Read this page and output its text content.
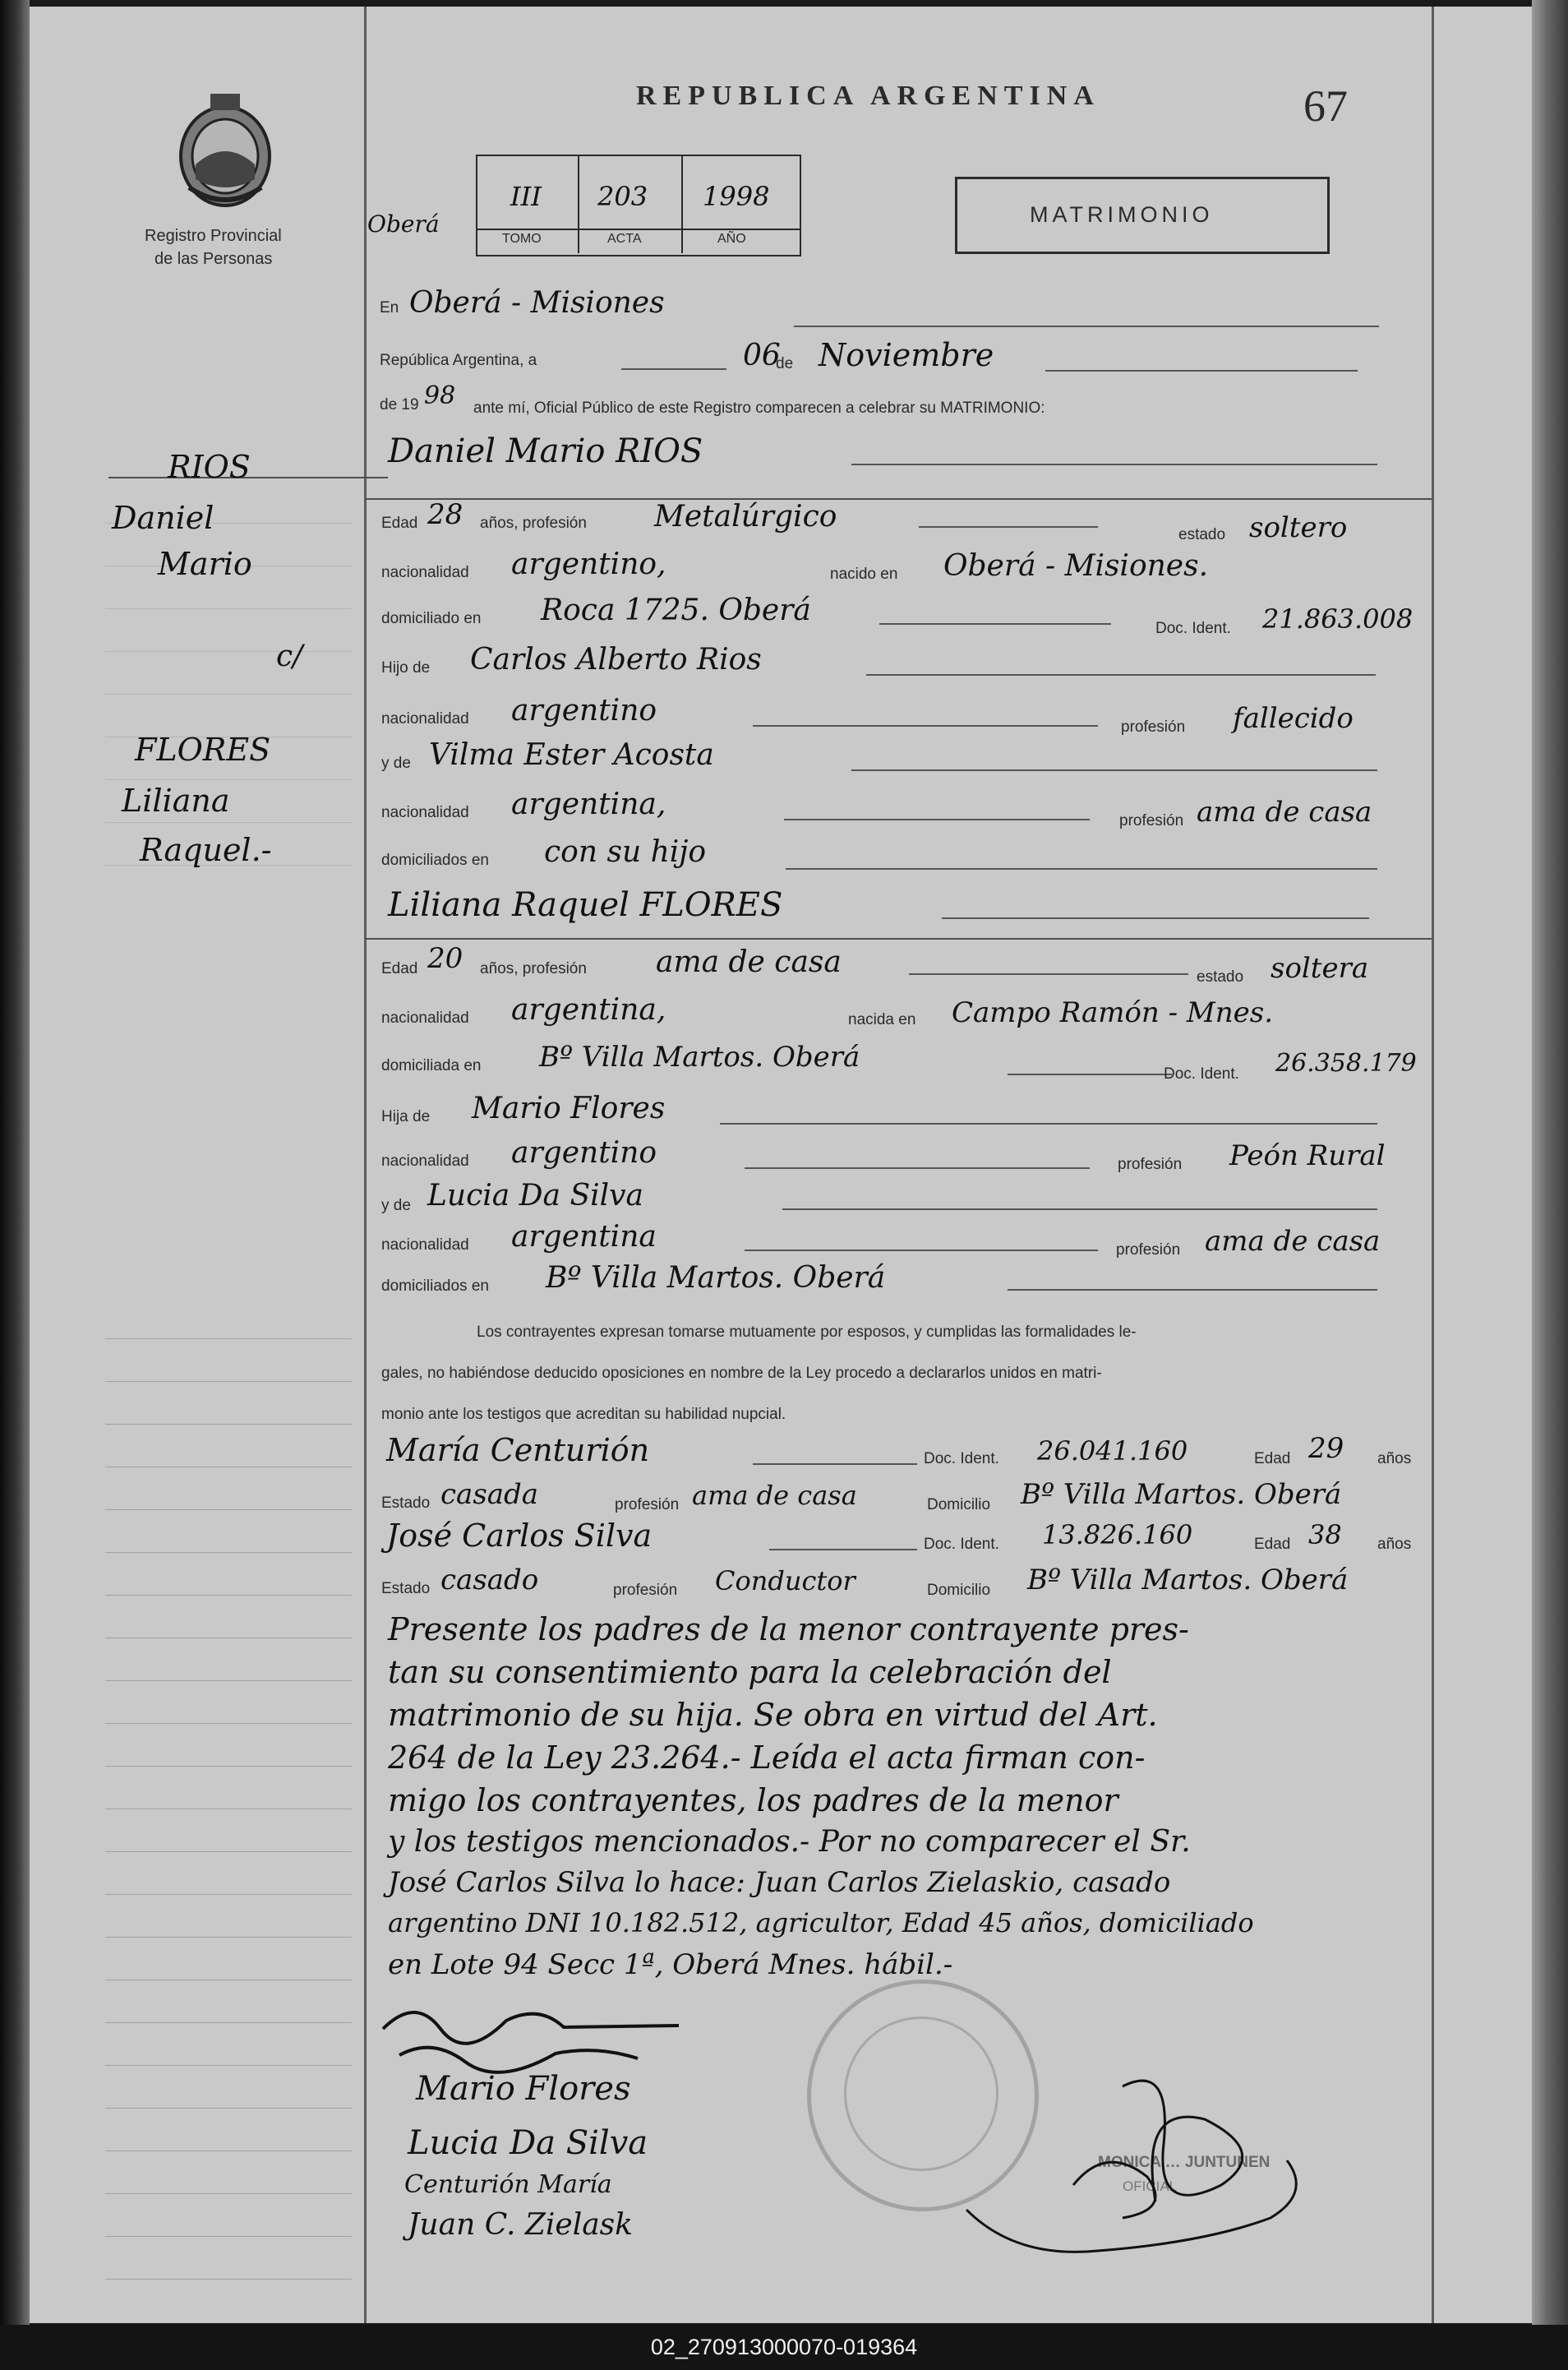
Registro Provincial
de las Personas
REPUBLICA ARGENTINA	67
Oberá
III 203 1998
TOMO	ACTA	AÑO
MATRIMONIO
En Oberá - Misiones
República Argentina, a	06
de Noviembre
de 19 98 ante mí, Oficial Público de este Registro comparecen a celebrar su MATRIMONIO:
Daniel Mario RIOS
RIOS
Daniel
Mario
c/
FLORES
Liliana
Raquel.-
Edad 28 años, profesión Metalúrgico
estado soltero
nacionalidad argentino,	nacido en Oberá - Misiones.
domiciliado en Roca 1725. Oberá
Doc. Ident. 21.863.008
Hijo de Carlos Alberto Rios
nacionalidad argentino	profesión fallecido
y de Vilma Ester Acosta
nacionalidad argentina,	profesión ama de casa
domiciliados en con su hijo
Liliana Raquel FLORES
Edad 20 años, profesión ama de casa	estado soltera
nacionalidad argentina,	nacida en Campo Ramón - Mnes.
domiciliada en Bº Villa Martos. Oberá
Doc. Ident. 26.358.179
Hija de Mario Flores
nacionalidad argentino	profesión Peón Rural
y de Lucia Da Silva
nacionalidad argentina	profesión ama de casa
domiciliados en Bº Villa Martos. Oberá
Los contrayentes expresan tomarse mutuamente por esposos, y cumplidas las formalidades le-
gales, no habiéndose deducido oposiciones en nombre de la Ley procedo a declararlos unidos en matri-
monio ante los testigos que acreditan su habilidad nupcial.
María Centurión	Doc. Ident. 26.041.160	Edad 29 años
Estado casada	profesión ama de casa	Domicilio Bº Villa Martos. Oberá
José Carlos Silva	Doc. Ident. 13.826.160	Edad 38 años
Estado casado	profesión Conductor	Domicilio Bº Villa Martos. Oberá
Presente los padres de la menor contrayente pres-
tan su consentimiento para la celebración del
matrimonio de su hija. Se obra en virtud del Art.
264 de la Ley 23.264.- Leída el acta firman con-
migo los contrayentes, los padres de la menor
y los testigos mencionados.- Por no comparecer el Sr.
José Carlos Silva lo hace: Juan Carlos Zielaskio, casado
argentino DNI 10.182.512, agricultor, Edad 45 años, domiciliado
en Lote 94 Secc 1ª, Oberá Mnes. hábil.-
Mario Flores
Lucia Da Silva
Centurión María
Juan C. Zielask
MONICA … JUNTUNEN
OFICIAL
02_270913000070-019364
